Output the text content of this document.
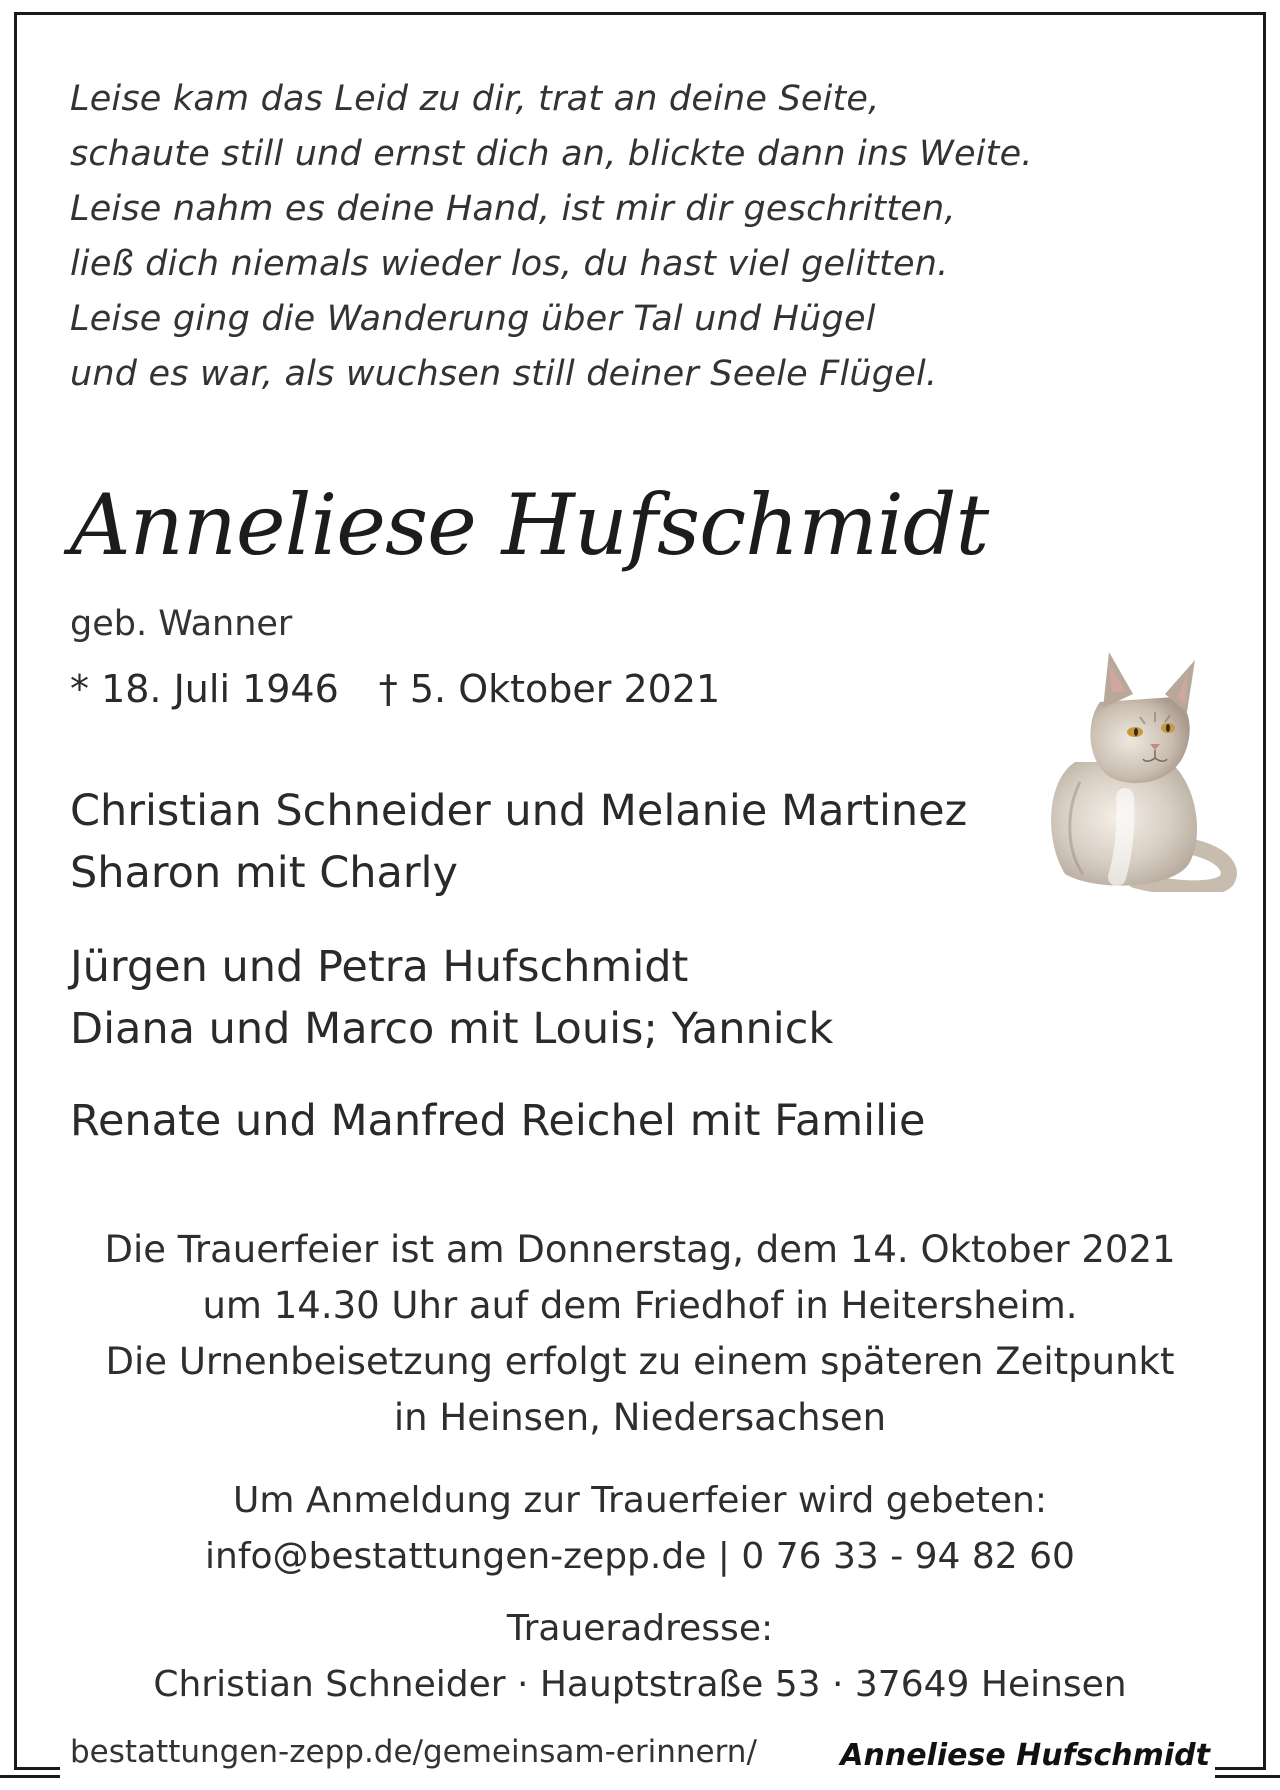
Leise kam das Leid zu dir, trat an deine Seite,
schaute still und ernst dich an, blickte dann ins Weite.
Leise nahm es deine Hand, ist mir dir geschritten,
ließ dich niemals wieder los, du hast viel gelitten.
Leise ging die Wanderung über Tal und Hügel
und es war, als wuchsen still deiner Seele Flügel.
Anneliese Hufschmidt
geb. Wanner
* 18. Juli 1946 † 5. Oktober 2021
Christian Schneider und Melanie Martinez
Sharon mit Charly
Jürgen und Petra Hufschmidt
Diana und Marco mit Louis; Yannick
Renate und Manfred Reichel mit Familie
Die Trauerfeier ist am Donnerstag, dem 14. Oktober 2021
um 14.30 Uhr auf dem Friedhof in Heitersheim.
Die Urnenbeisetzung erfolgt zu einem späteren Zeitpunkt
in Heinsen, Niedersachsen
Um Anmeldung zur Trauerfeier wird gebeten:
info@bestattungen-zepp.de | 0 76 33 - 94 82 60
Traueradresse:
Christian Schneider · Hauptstraße 53 · 37649 Heinsen
bestattungen-zepp.de/gemeinsam-erinnern/	Anneliese Hufschmidt
